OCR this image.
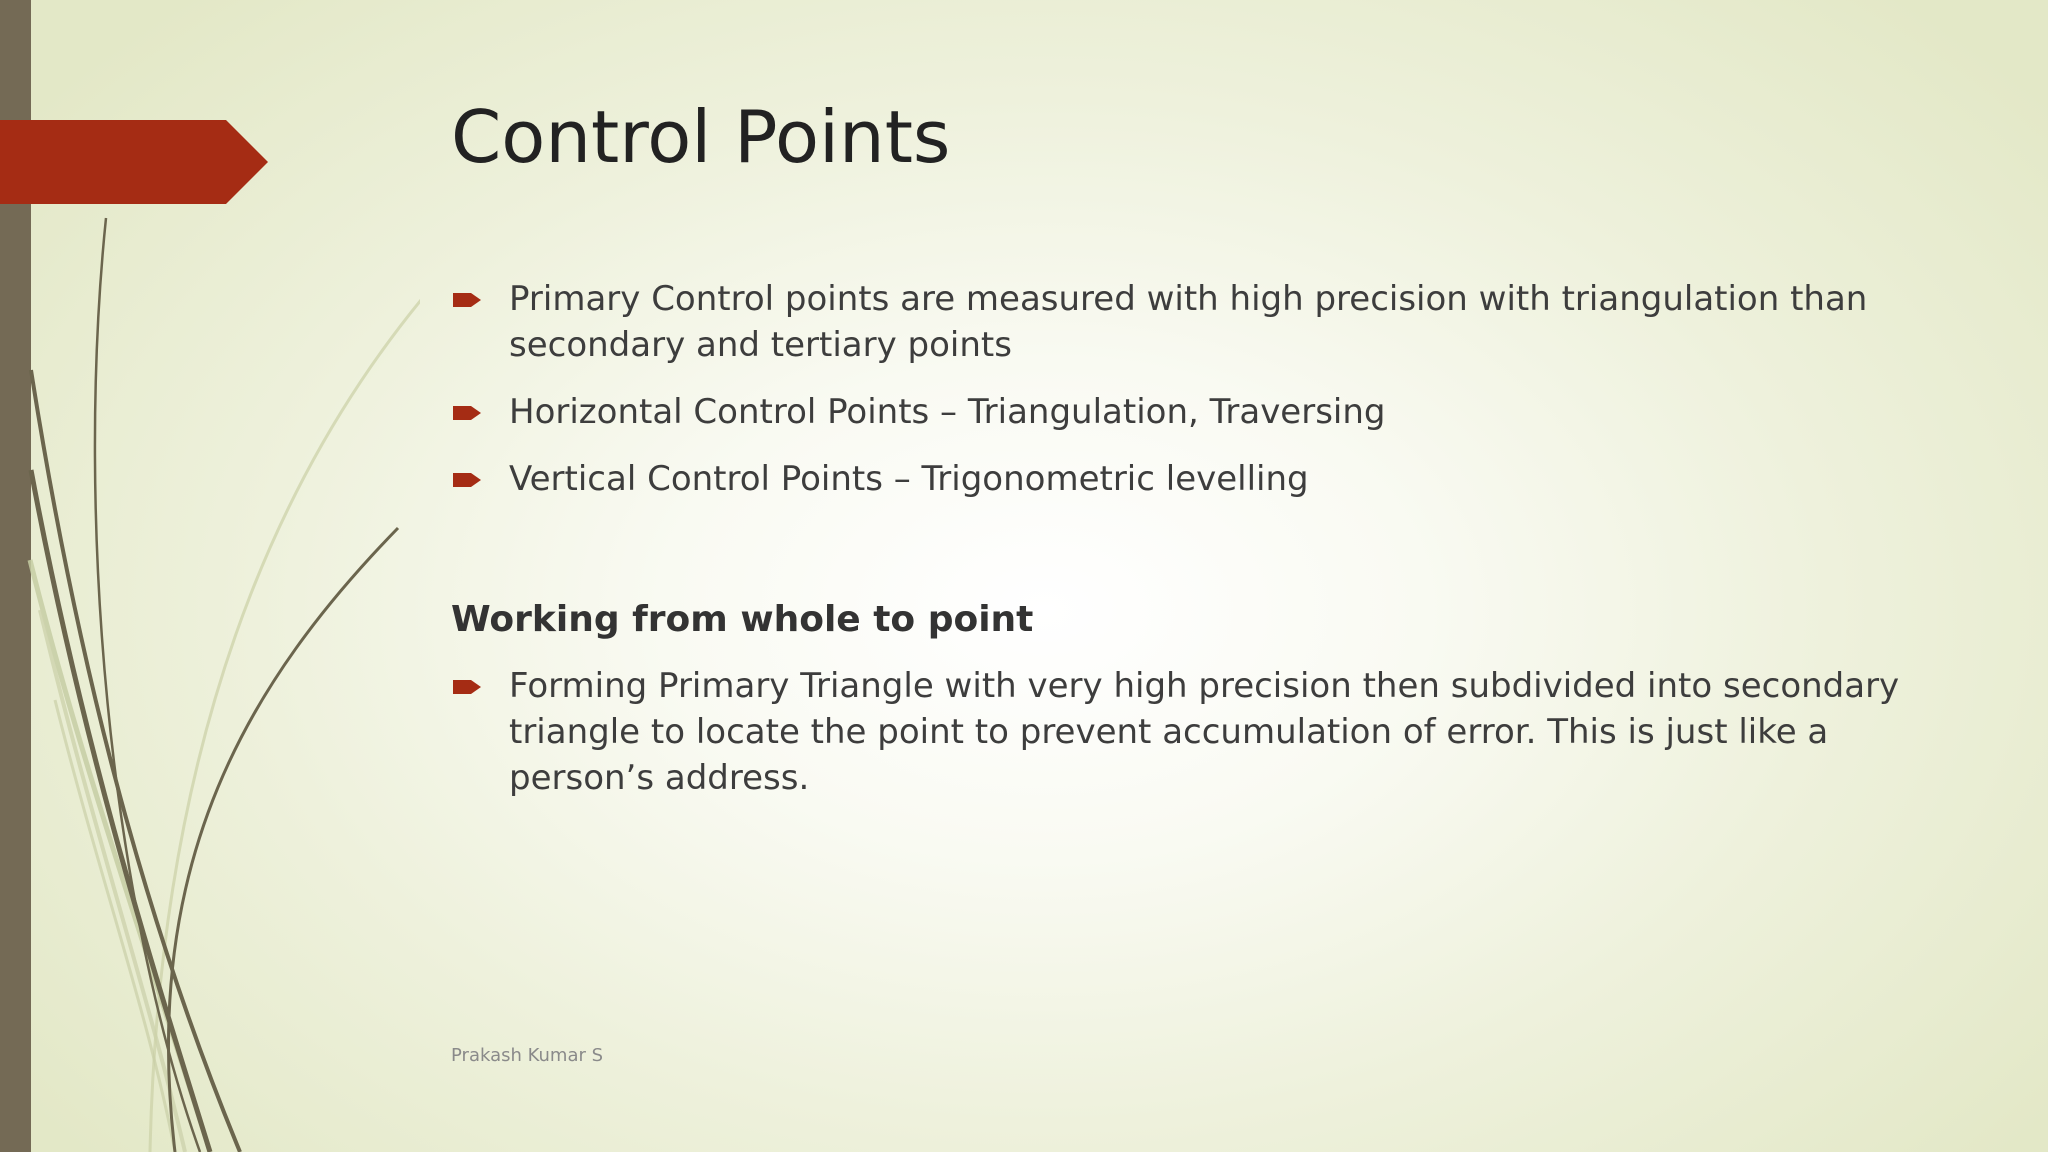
Control Points
Primary Control points are measured with high precision with triangulation than secondary and tertiary points
Horizontal Control Points – Triangulation, Traversing
Vertical Control Points – Trigonometric levelling
Working from whole to point
Forming Primary Triangle with very high precision then subdivided into secondary triangle to locate the point to prevent accumulation of error. This is just like a person’s address.
Prakash Kumar S
